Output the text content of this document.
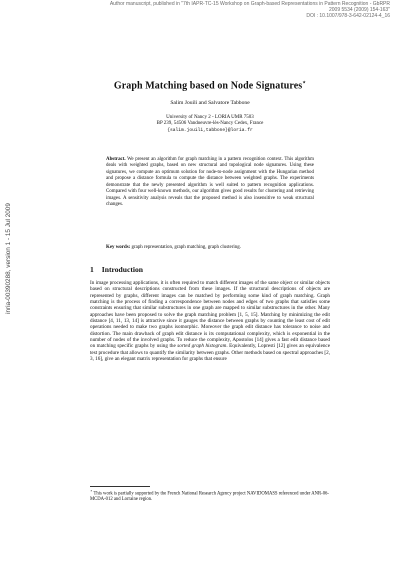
Author manuscript, published in "7th IAPR-TC-15 Workshop on Graph-based Representations in Pattern Recognition - GbRPR
2009 5534 (2009) 154-163"
DOI : 10.1007/978-3-642-02124-4_16
inria-00390288, version 1 - 15 Jul 2009
Graph Matching based on Node Signatures⋆
Salim Jouili and Salvatore Tabbone
University of Nancy 2 - LORIA UMR 7503
BP 239, 54506 Vandoeuvre-lès-Nancy Cedex, France
{salim.jouili,tabbone}@loria.fr
Abstract. We present an algorithm for graph matching in a pattern recognition context. This algorithm deals with weighted graphs, based on new structural and topological node signatures. Using these signatures, we compute an optimum solution for node-to-node assignment with the Hungarian method and propose a distance formula to compute the distance between weighted graphs. The experiments demonstrate that the newly presented algorithm is well suited to pattern recognition applications. Compared with four well-known methods, our algorithm gives good results for clustering and retrieving images. A sensitivity analysis reveals that the proposed method is also insensitive to weak structural changes.
Key words: graph representation, graph matching, graph clustering.
1 Introduction

In image processing applications, it is often required to match different images of the same object or similar objects based on structural descriptions constructed from these images. If the structural descriptions of objects are represented by graphs, different images can be matched by performing some kind of graph matching. Graph matching is the process of finding a correspondence between nodes and edges of two graphs that satisfies some constraints ensuring that similar substructures in one graph are mapped to similar substructures in the other. Many approaches have been proposed to solve the graph matching problem [1, 5, 15]. Matching by minimizing the edit distance [4, 11, 13, 14] is attractive since it gauges the distance between graphs by counting the least cost of edit operations needed to make two graphs isomorphic. Moreover the graph edit distance has tolerance to noise and distortion. The main drawback of graph edit distance is its computational complexity, which is exponential in the number of nodes of the involved graphs. To reduce the complexity, Apostolos [14] gives a fast edit distance based on matching specific graphs by using the sorted graph histogram. Equivalently, Lopresti [12] gives an equivalence test procedure that allows to quantify the similarity between graphs. Other methods based on spectral approaches [2, 3, 16], give an elegant matrix representation for graphs that ensure

⋆ This work is partially supported by the French National Research Agency project NAVIDOMASS referenced under ANR-06-MCDA-012 and Lorraine region.
